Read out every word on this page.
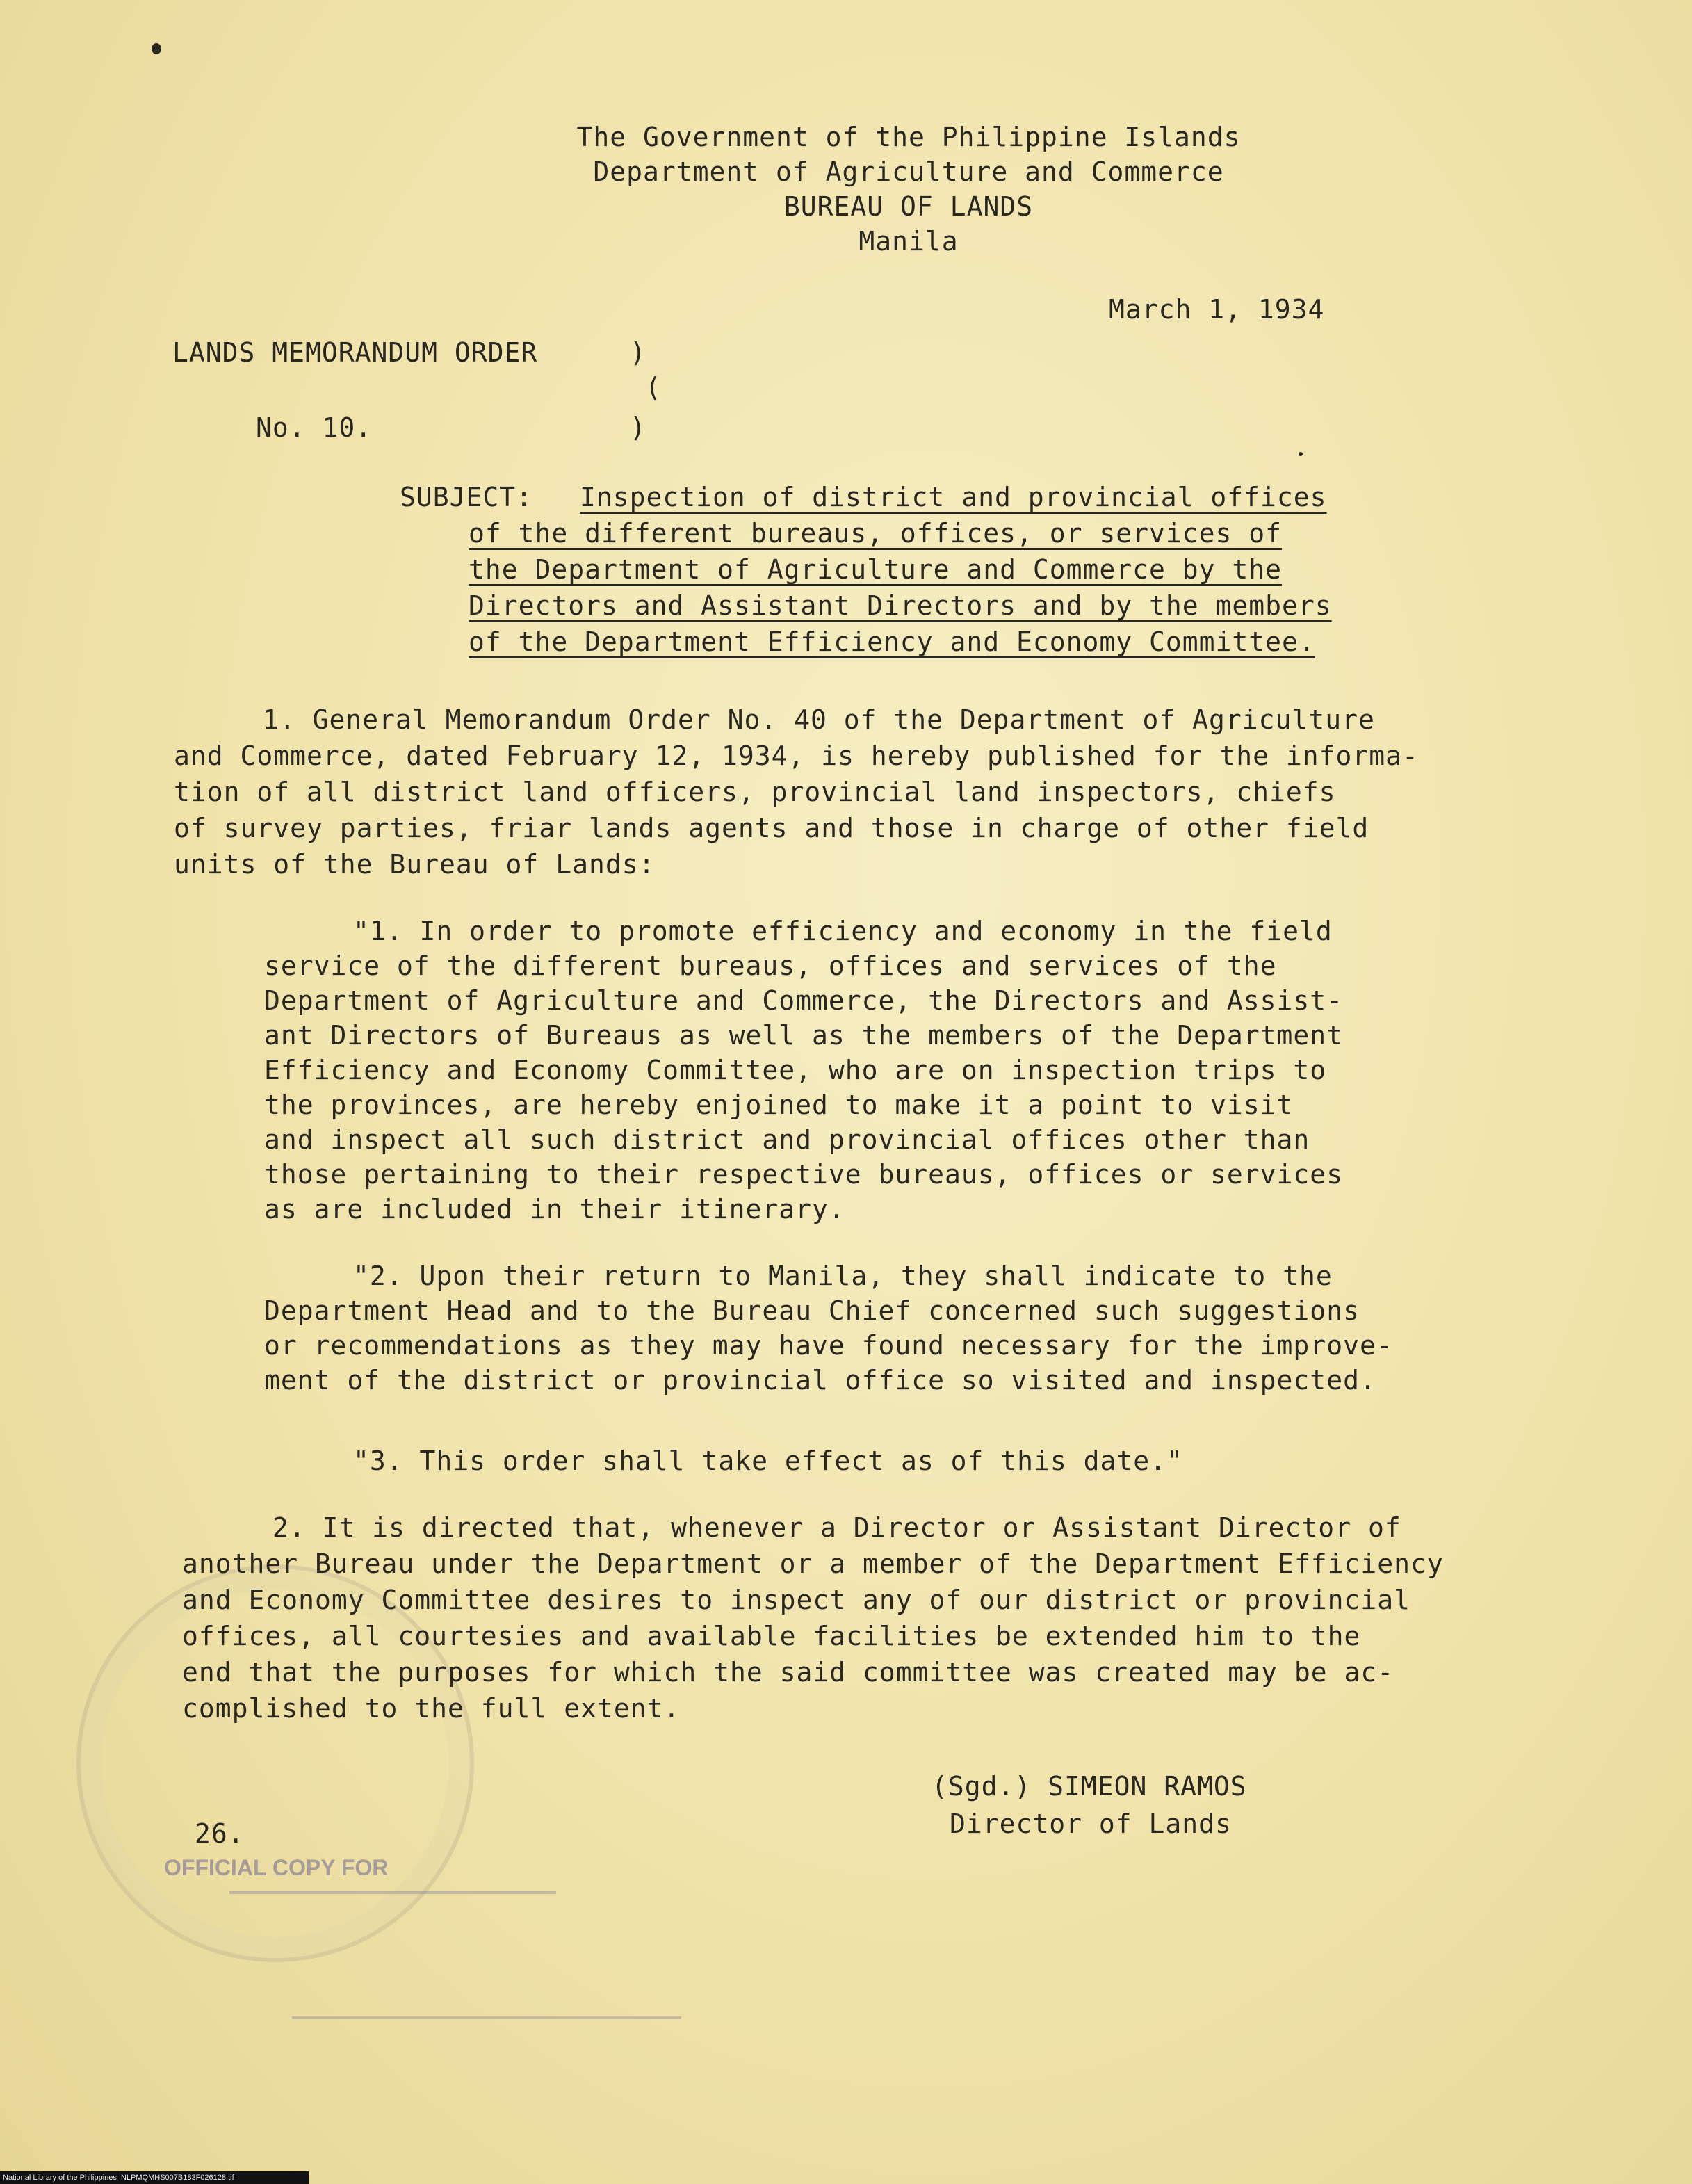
The Government of the Philippine Islands
Department of Agriculture and Commerce
BUREAU OF LANDS
Manila
March 1, 1934
LANDS MEMORANDUM ORDER	)
(
No. 10.	)
SUBJECT: Inspection of district and provincial offices
of the different bureaus, offices, or services of
the Department of Agriculture and Commerce by the
Directors and Assistant Directors and by the members
of the Department Efficiency and Economy Committee.
1. General Memorandum Order No. 40 of the Department of Agriculture
and Commerce, dated February 12, 1934, is hereby published for the informa-
tion of all district land officers, provincial land inspectors, chiefs
of survey parties, friar lands agents and those in charge of other field
units of the Bureau of Lands:
"1. In order to promote efficiency and economy in the field
service of the different bureaus, offices and services of the
Department of Agriculture and Commerce, the Directors and Assist-
ant Directors of Bureaus as well as the members of the Department
Efficiency and Economy Committee, who are on inspection trips to
the provinces, are hereby enjoined to make it a point to visit
and inspect all such district and provincial offices other than
those pertaining to their respective bureaus, offices or services
as are included in their itinerary.
"2. Upon their return to Manila, they shall indicate to the
Department Head and to the Bureau Chief concerned such suggestions
or recommendations as they may have found necessary for the improve-
ment of the district or provincial office so visited and inspected.
"3. This order shall take effect as of this date."
2. It is directed that, whenever a Director or Assistant Director of
another Bureau under the Department or a member of the Department Efficiency
and Economy Committee desires to inspect any of our district or provincial
offices, all courtesies and available facilities be extended him to the
end that the purposes for which the said committee was created may be ac-
complished to the full extent.
(Sgd.) SIMEON RAMOS
Director of Lands
26.
OFFICIAL COPY FOR
National Library of the Philippines  NLPMQMHS007B183F026128.tif
